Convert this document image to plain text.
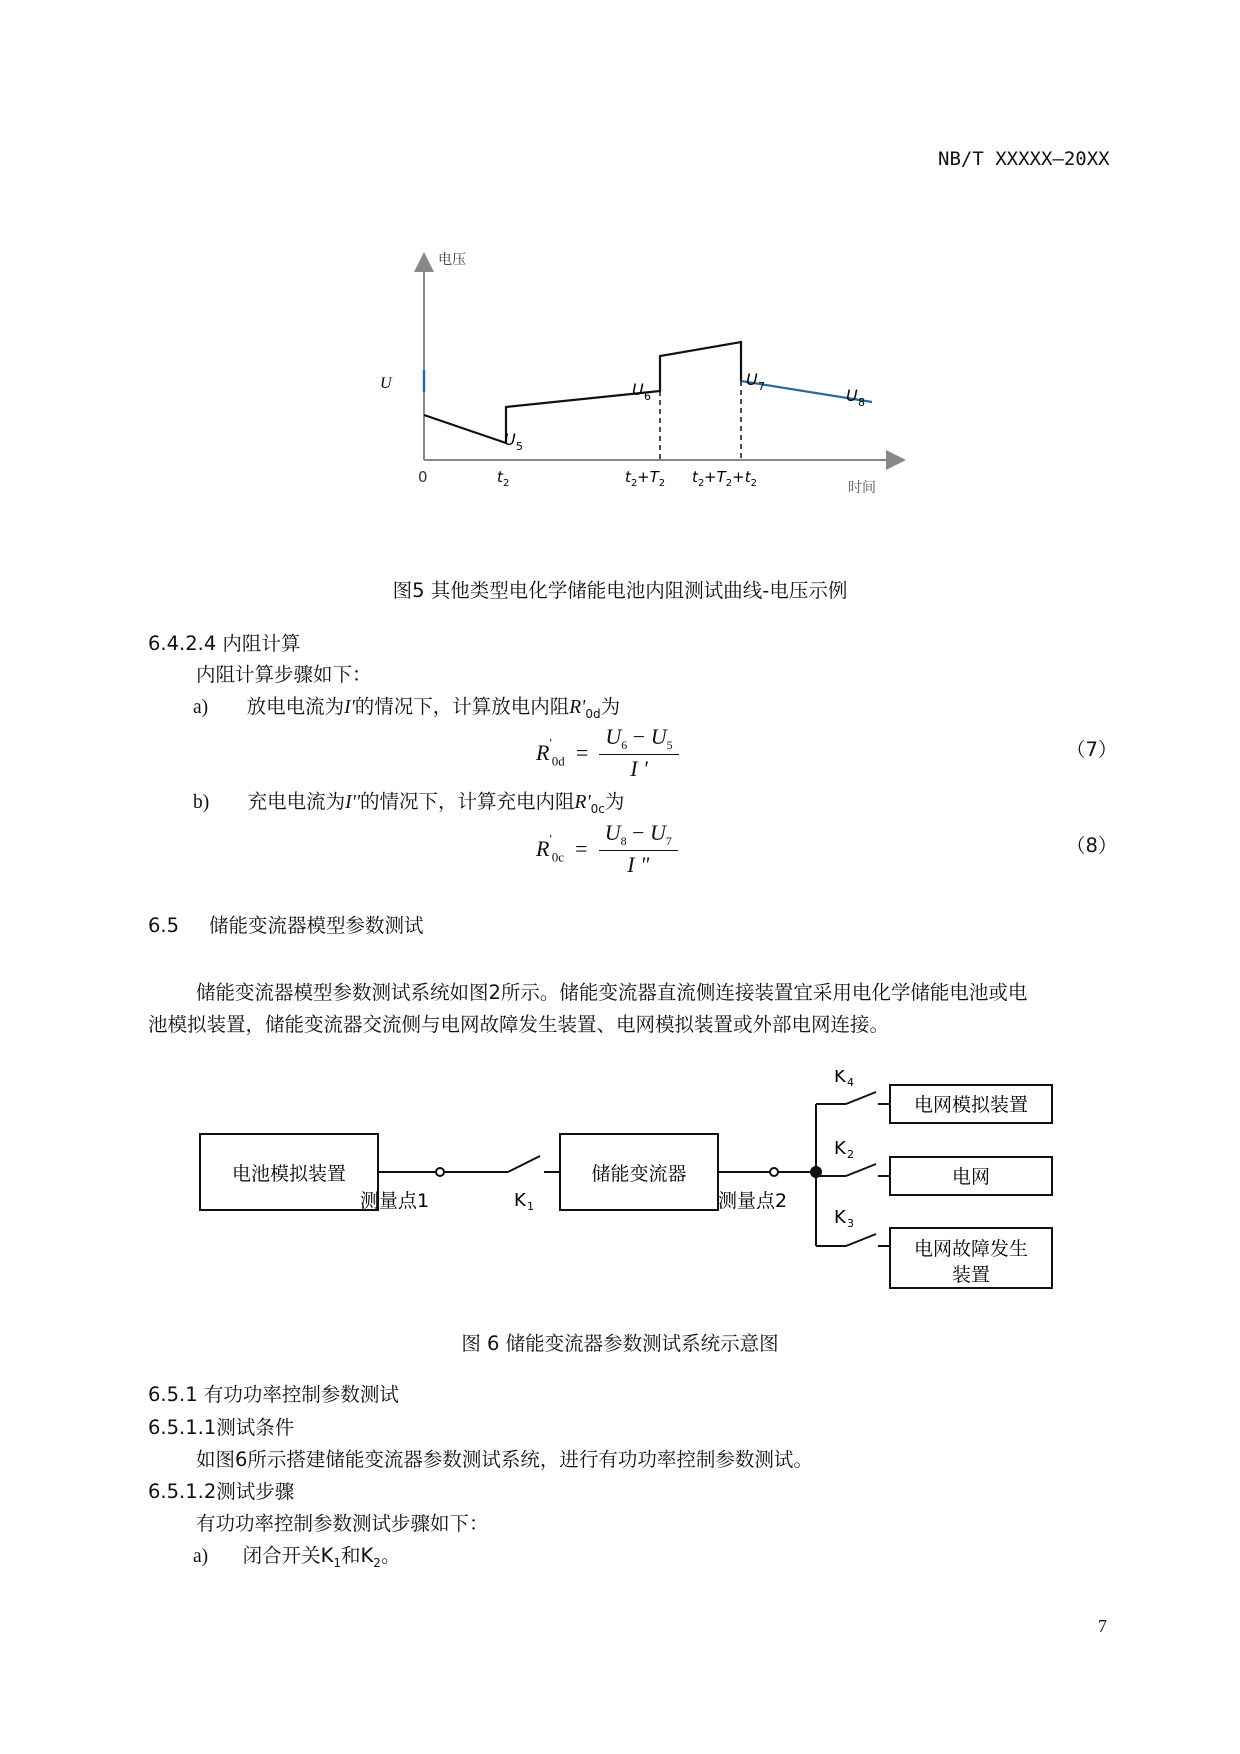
NB/T XXXXX—20XX
电压
时间
0
U
U 5
U 6
U 7	U 8
t 2	t $2 +T_2$ t $2 +T_2+t_2$
图5 其他类型电化学储能电池内阻测试曲线-电压示例
6.4.2.4 内阻计算
内阻计算步骤如下：
a) 放电电流为I'的情况下，计算放电内阻$R'_{0d}$为
$R'_{0d} = \frac{U_6 - U_5}{I '}$	（7）
b) 充电电流为I''的情况下，计算充电内阻$R'_{0c}$为
$R'_{0c} = \frac{U_8 - U_7}{I "}$	（8）
6.5 储能变流器模型参数测试
储能变流器模型参数测试系统如图2所示。储能变流器直流侧连接装置宜采用电化学储能电池或电
池模拟装置，储能变流器交流侧与电网故障发生装置、电网模拟装置或外部电网连接。
电池模拟装置	储能变流器
电网模拟装置
电网
电网故障发生
装置
测量点1	测量点2
K 1
K 4
K 2
K 3
图 6 储能变流器参数测试系统示意图
6.5.1 有功功率控制参数测试
6.5.1.1测试条件
如图6所示搭建储能变流器参数测试系统，进行有功功率控制参数测试。
6.5.1.2测试步骤
有功功率控制参数测试步骤如下：
a) 闭合开关$K_1$和$K_2$。
7
